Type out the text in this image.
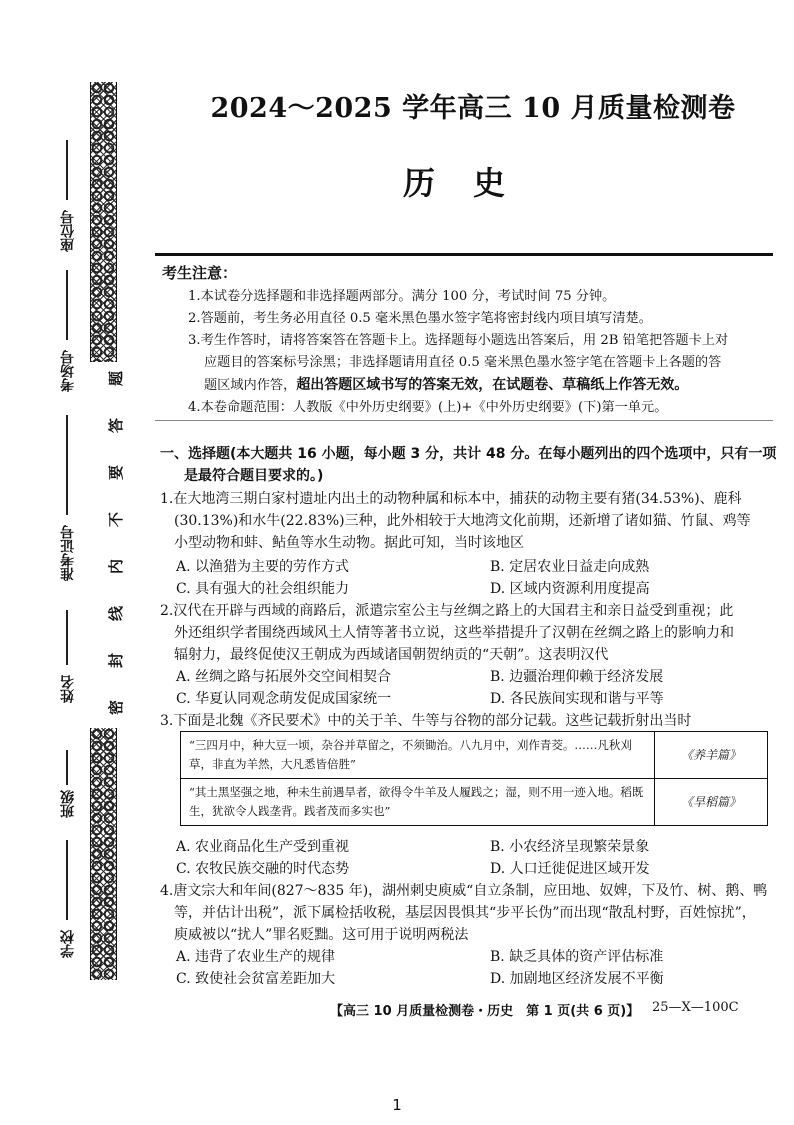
座位号
考场号
准考证号
姓名
班级
学校
题
答
要
不
内
线
封
密
2024～2025 学年高三 10 月质量检测卷
历史
考生注意：
1.本试卷分选择题和非选择题两部分。满分 100 分，考试时间 75 分钟。
2.答题前，考生务必用直径 0.5 毫米黑色墨水签字笔将密封线内项目填写清楚。
3.考生作答时，请将答案答在答题卡上。选择题每小题选出答案后，用 2B 铅笔把答题卡上对
应题目的答案标号涂黑；非选择题请用直径 0.5 毫米黑色墨水签字笔在答题卡上各题的答
题区域内作答，超出答题区域书写的答案无效，在试题卷、草稿纸上作答无效。
4.本卷命题范围：人教版《中外历史纲要》(上)+《中外历史纲要》(下)第一单元。
一、选择题(本大题共 16 小题，每小题 3 分，共计 48 分。在每小题列出的四个选项中，只有一项
是最符合题目要求的。)
1.在大地湾三期白家村遗址内出土的动物种属和标本中，捕获的动物主要有猪(34.53%)、鹿科
(30.13%)和水牛(22.83%)三种，此外相较于大地湾文化前期，还新增了诸如猫、竹鼠、鸡等
小型动物和蚌、鲇鱼等水生动物。据此可知，当时该地区
A. 以渔猎为主要的劳作方式	B. 定居农业日益走向成熟
C. 具有强大的社会组织能力	D. 区域内资源利用度提高
2.汉代在开辟与西域的商路后，派遣宗室公主与丝绸之路上的大国君主和亲日益受到重视；此
外还组织学者围绕西域风土人情等著书立说，这些举措提升了汉朝在丝绸之路上的影响力和
辐射力，最终促使汉王朝成为西域诸国朝贺纳贡的“天朝”。这表明汉代
A. 丝绸之路与拓展外交空间相契合	B. 边疆治理仰赖于经济发展
C. 华夏认同观念萌发促成国家统一	D. 各民族间实现和谐与平等
3.下面是北魏《齐民要术》中的关于羊、牛等与谷物的部分记载。这些记载折射出当时
“三四月中，种大豆一顷，杂谷并草留之，不须锄治。八九月中，刈作青茭。……凡秋刈草，非直为羊然，大凡悉皆倍胜”	《养羊篇》
“其土黑坚强之地，种未生前遇旱者，欲得令牛羊及人履践之；湿，则不用一迹入地。稻既生，犹欲令人践垄背。践者茂而多实也”	《旱稻篇》
A. 农业商品化生产受到重视	B. 小农经济呈现繁荣景象
C. 农牧民族交融的时代态势	D. 人口迁徙促进区域开发
4.唐文宗大和年间(827～835 年)，湖州刺史庾威“自立条制，应田地、奴婢，下及竹、树、鹅、鸭
等，并估计出税”，派下属检括收税，基层因畏惧其“步平长伪”而出现“散乱村野，百姓惊扰”，
庾威被以“扰人”罪名贬黜。这可用于说明两税法
A. 违背了农业生产的规律	B. 缺乏具体的资产评估标准
C. 致使社会贫富差距加大	D. 加剧地区经济发展不平衡
【高三 10 月质量检测卷・历史　第 1 页(共 6 页)】 25—X—100C
1
